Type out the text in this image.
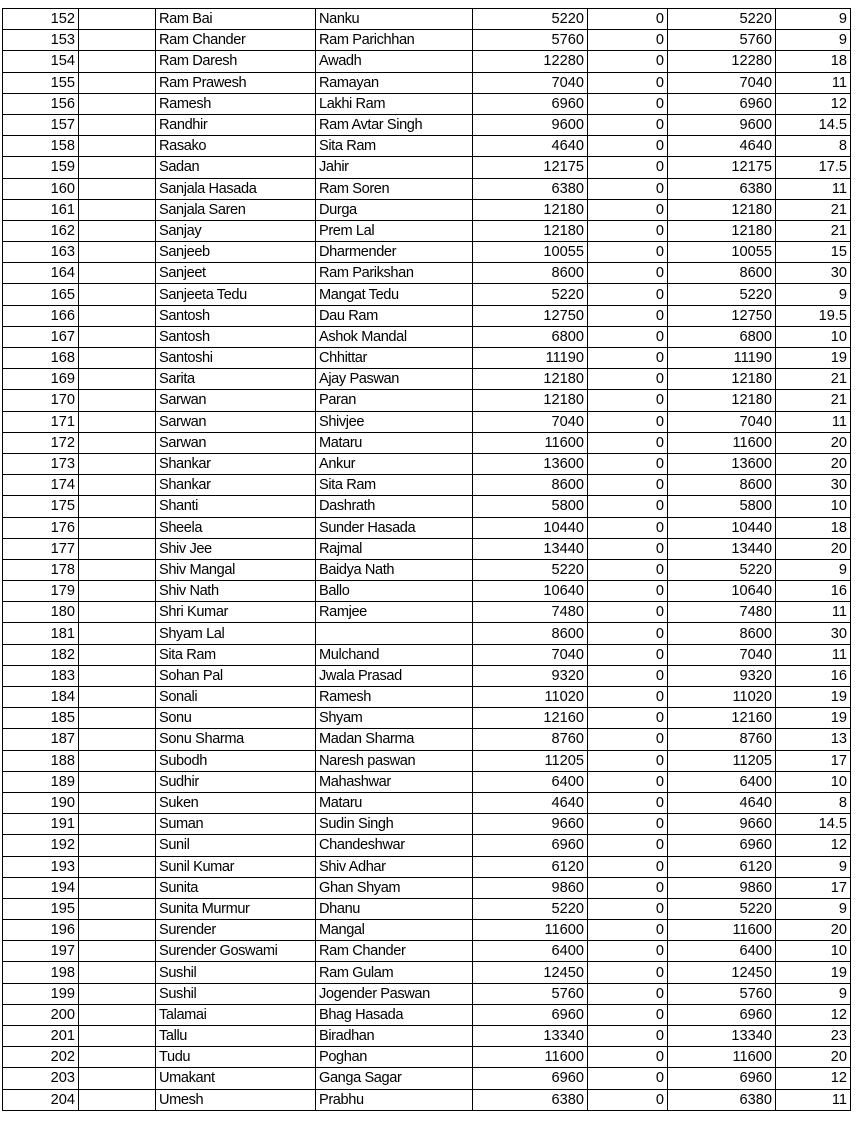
152		Ram Bai	Nanku	5220	0	5220	9
153		Ram Chander	Ram Parichhan	5760	0	5760	9
154		Ram Daresh	Awadh	12280	0	12280	18
155		Ram Prawesh	Ramayan	7040	0	7040	11
156		Ramesh	Lakhi Ram	6960	0	6960	12
157		Randhir	Ram Avtar Singh	9600	0	9600	14.5
158		Rasako	Sita Ram	4640	0	4640	8
159		Sadan	Jahir	12175	0	12175	17.5
160		Sanjala Hasada	Ram Soren	6380	0	6380	11
161		Sanjala Saren	Durga	12180	0	12180	21
162		Sanjay	Prem Lal	12180	0	12180	21
163		Sanjeeb	Dharmender	10055	0	10055	15
164		Sanjeet	Ram Parikshan	8600	0	8600	30
165		Sanjeeta Tedu	Mangat Tedu	5220	0	5220	9
166		Santosh	Dau Ram	12750	0	12750	19.5
167		Santosh	Ashok Mandal	6800	0	6800	10
168		Santoshi	Chhittar	11190	0	11190	19
169		Sarita	Ajay Paswan	12180	0	12180	21
170		Sarwan	Paran	12180	0	12180	21
171		Sarwan	Shivjee	7040	0	7040	11
172		Sarwan	Mataru	11600	0	11600	20
173		Shankar	Ankur	13600	0	13600	20
174		Shankar	Sita Ram	8600	0	8600	30
175		Shanti	Dashrath	5800	0	5800	10
176		Sheela	Sunder Hasada	10440	0	10440	18
177		Shiv Jee	Rajmal	13440	0	13440	20
178		Shiv Mangal	Baidya Nath	5220	0	5220	9
179		Shiv Nath	Ballo	10640	0	10640	16
180		Shri Kumar	Ramjee	7480	0	7480	11
181		Shyam Lal		8600	0	8600	30
182		Sita Ram	Mulchand	7040	0	7040	11
183		Sohan Pal	Jwala Prasad	9320	0	9320	16
184		Sonali	Ramesh	11020	0	11020	19
185		Sonu	Shyam	12160	0	12160	19
187		Sonu Sharma	Madan Sharma	8760	0	8760	13
188		Subodh	Naresh paswan	11205	0	11205	17
189		Sudhir	Mahashwar	6400	0	6400	10
190		Suken	Mataru	4640	0	4640	8
191		Suman	Sudin Singh	9660	0	9660	14.5
192		Sunil	Chandeshwar	6960	0	6960	12
193		Sunil Kumar	Shiv Adhar	6120	0	6120	9
194		Sunita	Ghan Shyam	9860	0	9860	17
195		Sunita Murmur	Dhanu	5220	0	5220	9
196		Surender	Mangal	11600	0	11600	20
197		Surender Goswami	Ram Chander	6400	0	6400	10
198		Sushil	Ram Gulam	12450	0	12450	19
199		Sushil	Jogender Paswan	5760	0	5760	9
200		Talamai	Bhag Hasada	6960	0	6960	12
201		Tallu	Biradhan	13340	0	13340	23
202		Tudu	Poghan	11600	0	11600	20
203		Umakant	Ganga Sagar	6960	0	6960	12
204		Umesh	Prabhu	6380	0	6380	11
